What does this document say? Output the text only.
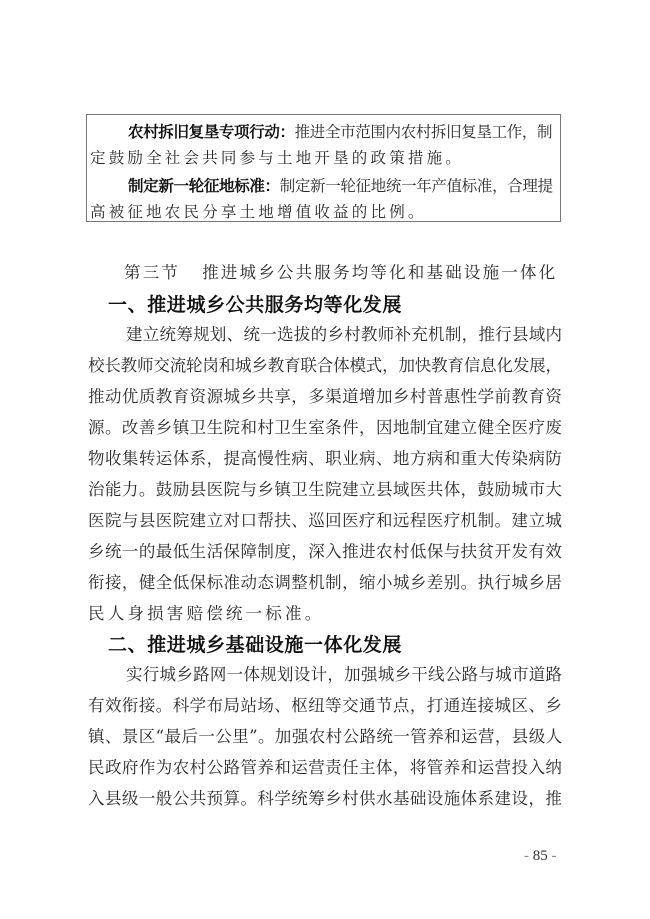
农村拆旧复垦专项行动：推进全市范围内农村拆旧复垦工作，制
定鼓励全社会共同参与土地开垦的政策措施。
制定新一轮征地标准：制定新一轮征地统一年产值标准，合理提
高被征地农民分享土地增值收益的比例。
第三节 推进城乡公共服务均等化和基础设施一体化
一、推进城乡公共服务均等化发展
建立统筹规划、统一选拔的乡村教师补充机制，推行县域内
校长教师交流轮岗和城乡教育联合体模式，加快教育信息化发展，
推动优质教育资源城乡共享，多渠道增加乡村普惠性学前教育资
源。改善乡镇卫生院和村卫生室条件，因地制宜建立健全医疗废
物收集转运体系，提高慢性病、职业病、地方病和重大传染病防
治能力。鼓励县医院与乡镇卫生院建立县域医共体，鼓励城市大
医院与县医院建立对口帮扶、巡回医疗和远程医疗机制。建立城
乡统一的最低生活保障制度，深入推进农村低保与扶贫开发有效
衔接，健全低保标准动态调整机制，缩小城乡差别。执行城乡居
民人身损害赔偿统一标准。
二、推进城乡基础设施一体化发展
实行城乡路网一体规划设计，加强城乡干线公路与城市道路
有效衔接。科学布局站场、枢纽等交通节点，打通连接城区、乡
镇、景区“最后一公里”。加强农村公路统一管养和运营，县级人
民政府作为农村公路管养和运营责任主体，将管养和运营投入纳
入县级一般公共预算。科学统筹乡村供水基础设施体系建设，推
- 85 -
